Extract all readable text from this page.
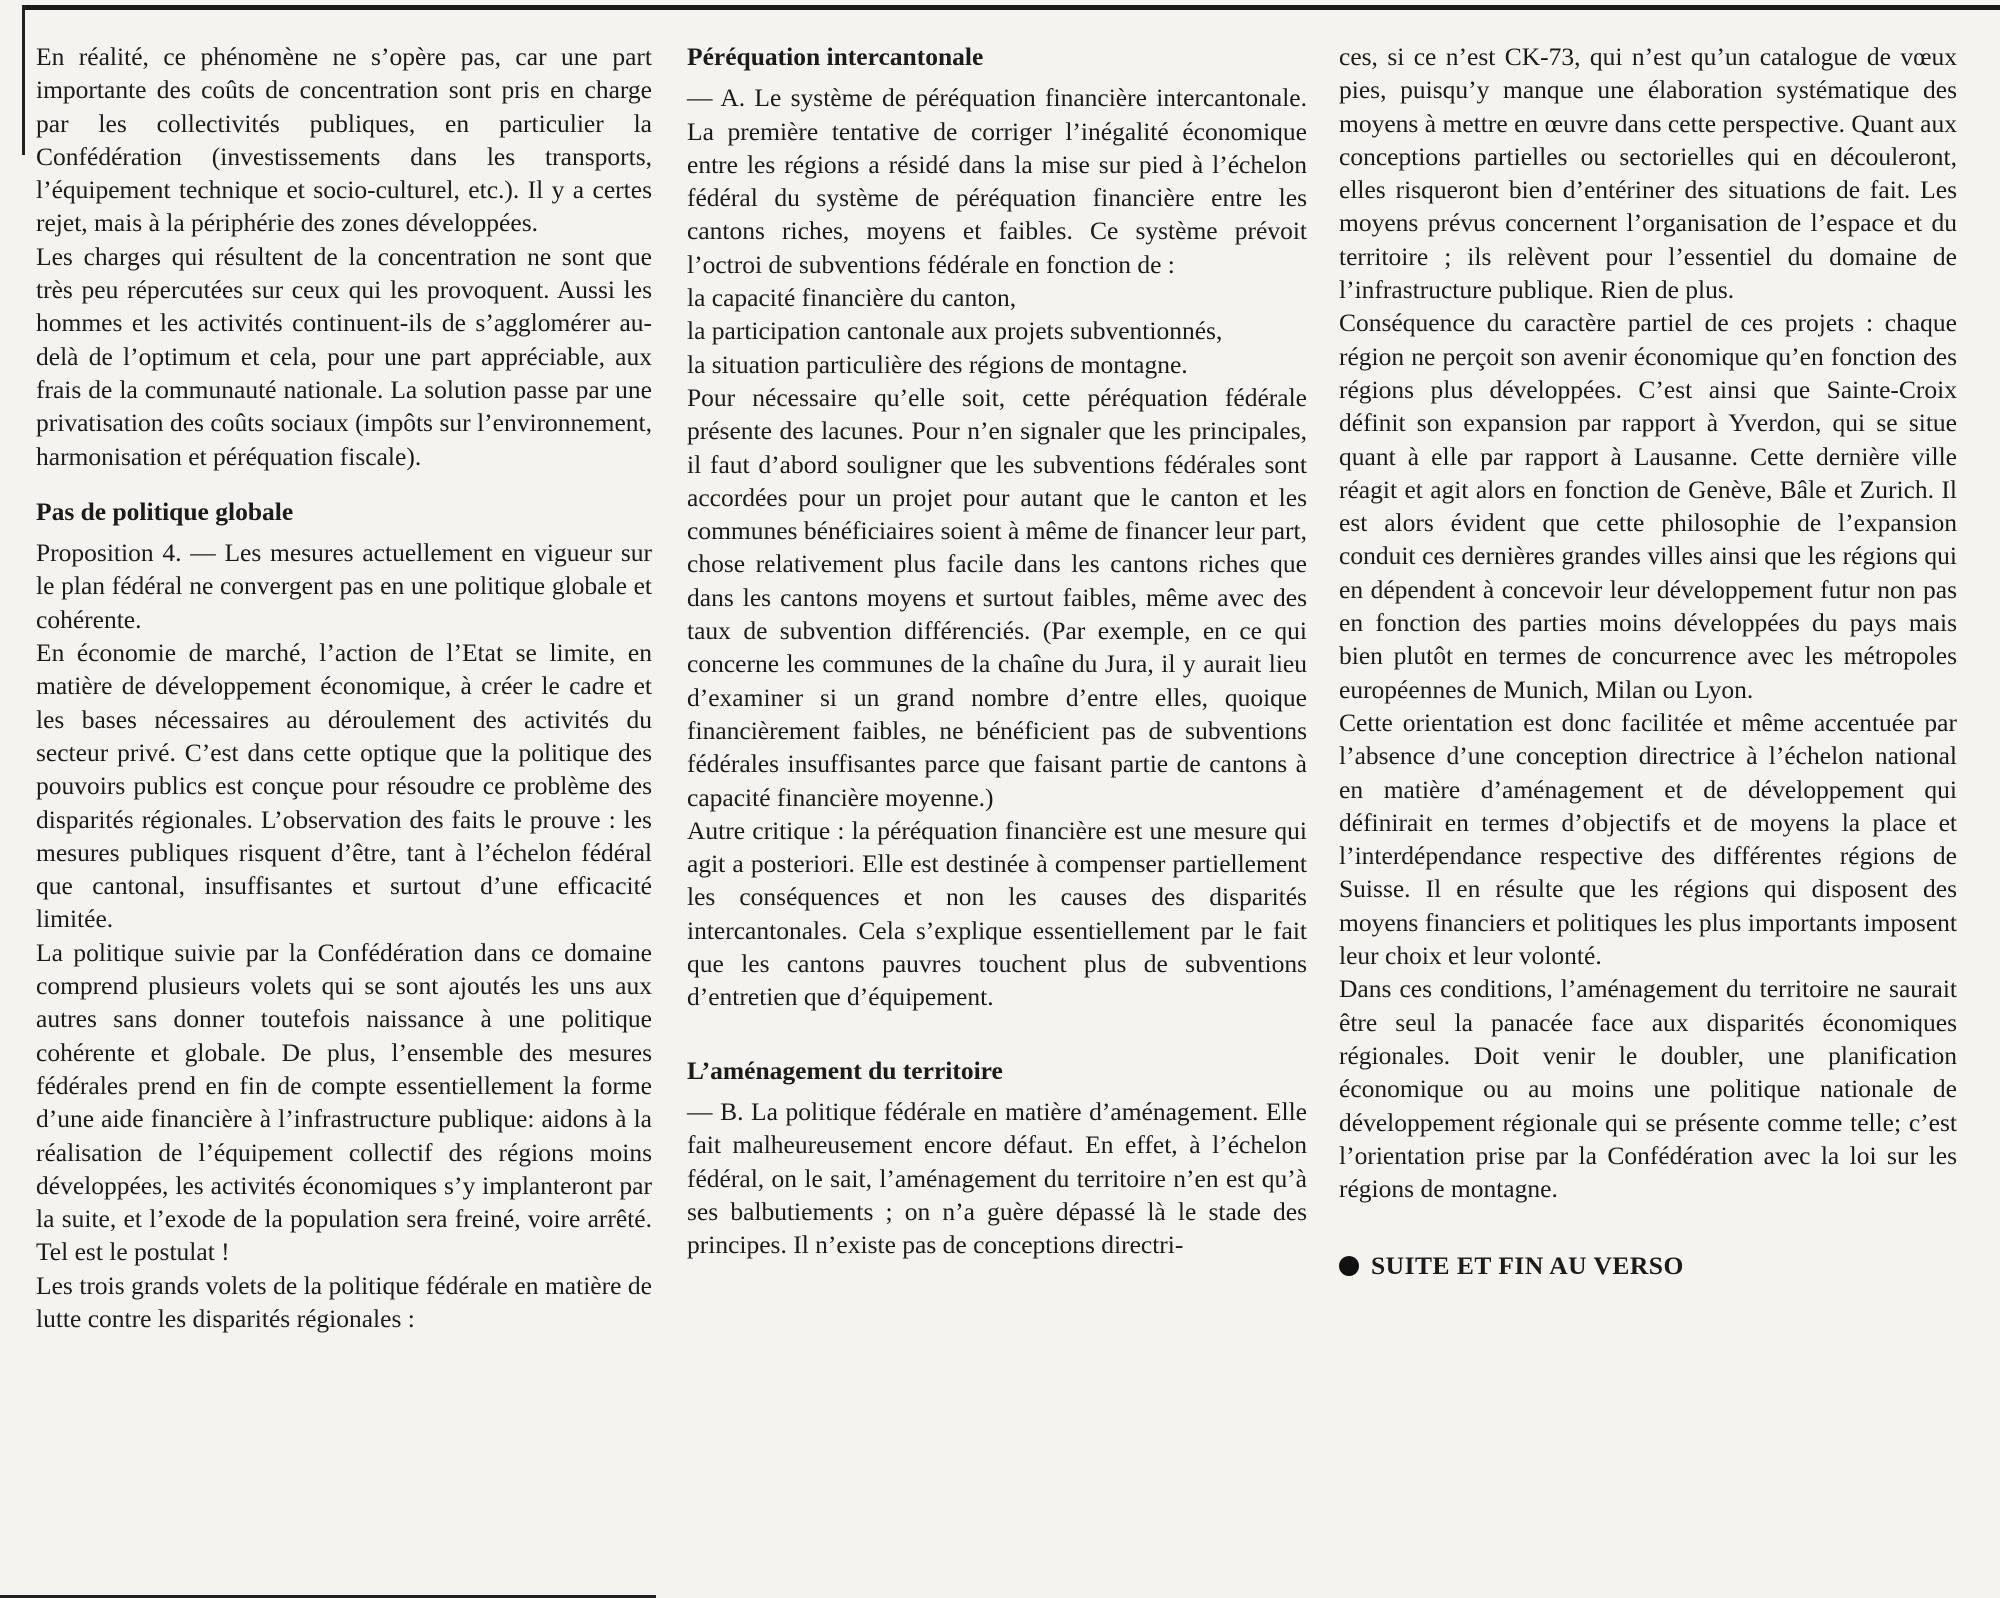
En réalité, ce phénomène ne s’opère pas, car une part importante des coûts de concentration sont pris en charge par les collectivités publiques, en particulier la Confédération (investissements dans les transports, l’équipement technique et socio-culturel, etc.). Il y a certes rejet, mais à la périphérie des zones développées.

Les charges qui résultent de la concentration ne sont que très peu répercutées sur ceux qui les provoquent. Aussi les hommes et les activités continuent-ils de s’agglomérer au-delà de l’optimum et cela, pour une part appréciable, aux frais de la communauté nationale. La solution passe par une privatisation des coûts sociaux (impôts sur l’environnement, harmonisation et péréquation fiscale).

Pas de politique globale

Proposition 4. — Les mesures actuellement en vigueur sur le plan fédéral ne convergent pas en une politique globale et cohérente.

En économie de marché, l’action de l’Etat se limite, en matière de développement économique, à créer le cadre et les bases nécessaires au déroulement des activités du secteur privé. C’est dans cette optique que la politique des pouvoirs publics est conçue pour résoudre ce problème des disparités régionales. L’observation des faits le prouve : les mesures publiques risquent d’être, tant à l’échelon fédéral que cantonal, insuffisantes et surtout d’une efficacité limitée.

La politique suivie par la Confédération dans ce domaine comprend plusieurs volets qui se sont ajoutés les uns aux autres sans donner toutefois naissance à une politique cohérente et globale. De plus, l’ensemble des mesures fédérales prend en fin de compte essentiellement la forme d’une aide financière à l’infrastructure publique: aidons à la réalisation de l’équipement collectif des régions moins développées, les activités économiques s’y implanteront par la suite, et l’exode de la population sera freiné, voire arrêté. Tel est le postulat !

Les trois grands volets de la politique fédérale en matière de lutte contre les disparités régionales :

Péréquation intercantonale

— A. Le système de péréquation financière intercantonale. La première tentative de corriger l’inégalité économique entre les régions a résidé dans la mise sur pied à l’échelon fédéral du système de péréquation financière entre les cantons riches, moyens et faibles. Ce système prévoit l’octroi de subventions fédérale en fonction de :

la capacité financière du canton,

la participation cantonale aux projets subventionnés,

la situation particulière des régions de montagne.

Pour nécessaire qu’elle soit, cette péréquation fédérale présente des lacunes. Pour n’en signaler que les principales, il faut d’abord souligner que les subventions fédérales sont accordées pour un projet pour autant que le canton et les communes bénéficiaires soient à même de financer leur part, chose relativement plus facile dans les cantons riches que dans les cantons moyens et surtout faibles, même avec des taux de subvention différenciés. (Par exemple, en ce qui concerne les communes de la chaîne du Jura, il y aurait lieu d’examiner si un grand nombre d’entre elles, quoique financièrement faibles, ne bénéficient pas de subventions fédérales insuffisantes parce que faisant partie de cantons à capacité financière moyenne.)

Autre critique : la péréquation financière est une mesure qui agit a posteriori. Elle est destinée à compenser partiellement les conséquences et non les causes des disparités intercantonales. Cela s’explique essentiellement par le fait que les cantons pauvres touchent plus de subventions d’entretien que d’équipement.

L’aménagement du territoire

— B. La politique fédérale en matière d’aménagement. Elle fait malheureusement encore défaut. En effet, à l’échelon fédéral, on le sait, l’aménagement du territoire n’en est qu’à ses balbutiements ; on n’a guère dépassé là le stade des principes. Il n’existe pas de conceptions directri-

ces, si ce n’est CK-73, qui n’est qu’un catalogue de vœux pies, puisqu’y manque une élaboration systématique des moyens à mettre en œuvre dans cette perspective. Quant aux conceptions partielles ou sectorielles qui en découleront, elles risqueront bien d’entériner des situations de fait. Les moyens prévus concernent l’organisation de l’espace et du territoire ; ils relèvent pour l’essentiel du domaine de l’infrastructure publique. Rien de plus.

Conséquence du caractère partiel de ces projets : chaque région ne perçoit son avenir économique qu’en fonction des régions plus développées. C’est ainsi que Sainte-Croix définit son expansion par rapport à Yverdon, qui se situe quant à elle par rapport à Lausanne. Cette dernière ville réagit et agit alors en fonction de Genève, Bâle et Zurich. Il est alors évident que cette philosophie de l’expansion conduit ces dernières grandes villes ainsi que les régions qui en dépendent à concevoir leur développement futur non pas en fonction des parties moins développées du pays mais bien plutôt en termes de concurrence avec les métropoles européennes de Munich, Milan ou Lyon.

Cette orientation est donc facilitée et même accentuée par l’absence d’une conception directrice à l’échelon national en matière d’aménagement et de développement qui définirait en termes d’objectifs et de moyens la place et l’interdépendance respective des différentes régions de Suisse. Il en résulte que les régions qui disposent des moyens financiers et politiques les plus importants imposent leur choix et leur volonté.

Dans ces conditions, l’aménagement du territoire ne saurait être seul la panacée face aux disparités économiques régionales. Doit venir le doubler, une planification économique ou au moins une politique nationale de développement régionale qui se présente comme telle; c’est l’orientation prise par la Confédération avec la loi sur les régions de montagne.

SUITE ET FIN AU VERSO
